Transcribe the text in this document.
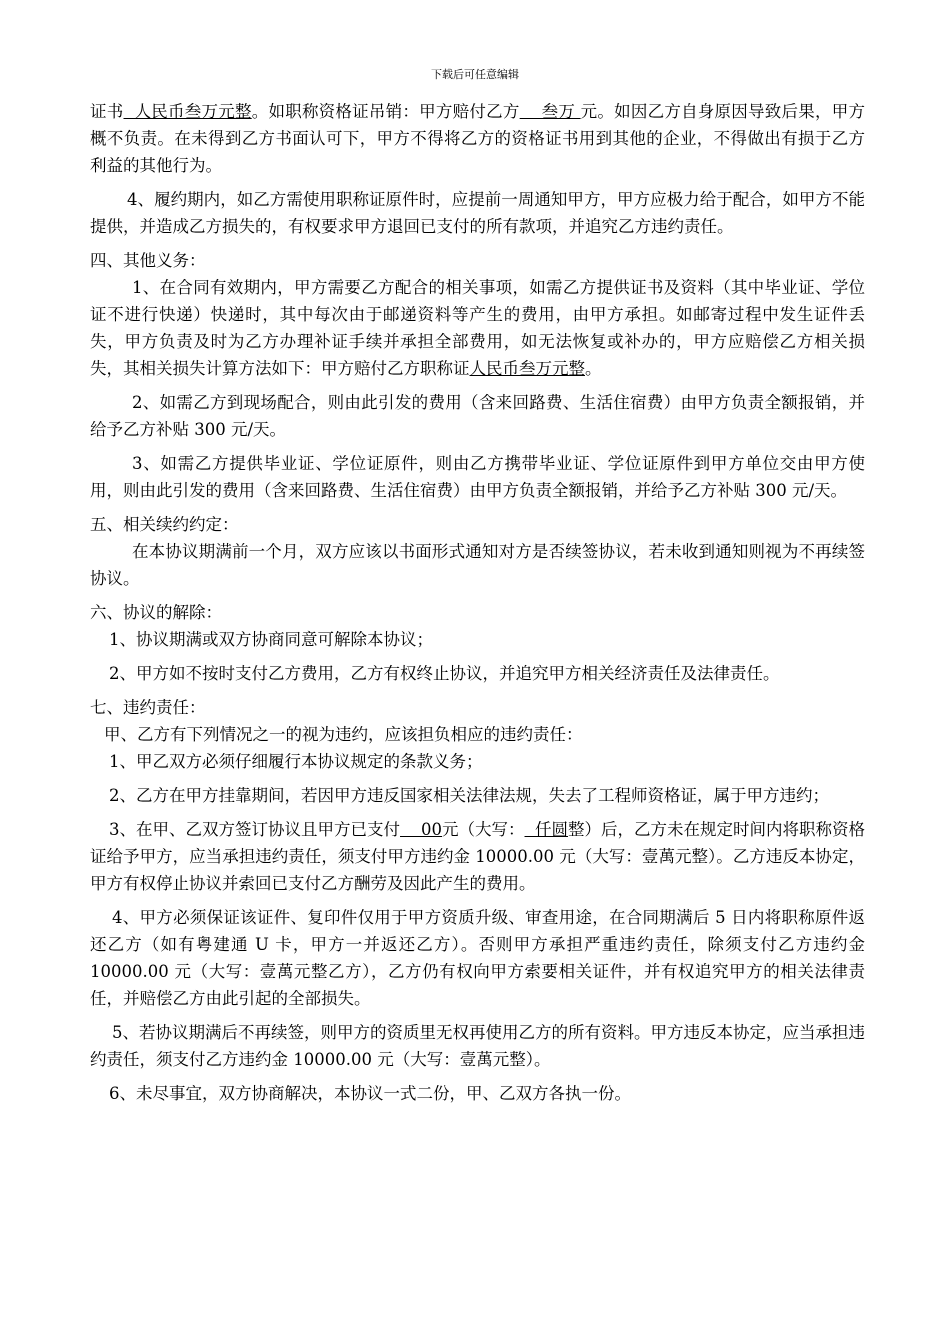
下载后可任意编辑

证书  人民币叁万元整。如职称资格证吊销：甲方赔付乙方    叁万 元。如因乙方自身原因导致后果，甲方概不负责。在未得到乙方书面认可下，甲方不得将乙方的资格证书用到其他的企业，不得做出有损于乙方利益的其他行为。

4、履约期内，如乙方需使用职称证原件时，应提前一周通知甲方，甲方应极力给于配合，如甲方不能提供，并造成乙方损失的，有权要求甲方退回已支付的所有款项，并追究乙方违约责任。

四、其他义务：

1、在合同有效期内，甲方需要乙方配合的相关事项，如需乙方提供证书及资料（其中毕业证、学位证不进行快递）快递时，其中每次由于邮递资料等产生的费用，由甲方承担。如邮寄过程中发生证件丢失，甲方负责及时为乙方办理补证手续并承担全部费用，如无法恢复或补办的，甲方应赔偿乙方相关损失，其相关损失计算方法如下：甲方赔付乙方职称证人民币叁万元整。

2、如需乙方到现场配合，则由此引发的费用（含来回路费、生活住宿费）由甲方负责全额报销，并给予乙方补贴 300 元/天。

3、如需乙方提供毕业证、学位证原件，则由乙方携带毕业证、学位证原件到甲方单位交由甲方使用，则由此引发的费用（含来回路费、生活住宿费）由甲方负责全额报销，并给予乙方补贴 300 元/天。

五、相关续约约定：

在本协议期满前一个月，双方应该以书面形式通知对方是否续签协议，若未收到通知则视为不再续签协议。

六、协议的解除：

1、协议期满或双方协商同意可解除本协议；

2、甲方如不按时支付乙方费用，乙方有权终止协议，并追究甲方相关经济责任及法律责任。

七、违约责任：

甲、乙方有下列情况之一的视为违约，应该担负相应的违约责任：

1、甲乙双方必须仔细履行本协议规定的条款义务；

2、乙方在甲方挂靠期间，若因甲方违反国家相关法律法规，失去了工程师资格证，属于甲方违约；

3、在甲、乙双方签订协议且甲方已支付    00元（大写：  仟圆整）后，乙方未在规定时间内将职称资格证给予甲方，应当承担违约责任，须支付甲方违约金 10000.00 元（大写：壹萬元整）。乙方违反本协定，甲方有权停止协议并索回已支付乙方酬劳及因此产生的费用。

4、甲方必须保证该证件、复印件仅用于甲方资质升级、审查用途，在合同期满后 5 日内将职称原件返还乙方（如有粤建通 U 卡，甲方一并返还乙方）。否则甲方承担严重违约责任，除须支付乙方违约金 10000.00 元（大写：壹萬元整乙方），乙方仍有权向甲方索要相关证件，并有权追究甲方的相关法律责任，并赔偿乙方由此引起的全部损失。

5、若协议期满后不再续签，则甲方的资质里无权再使用乙方的所有资料。甲方违反本协定，应当承担违约责任，须支付乙方违约金 10000.00 元（大写：壹萬元整）。

6、未尽事宜，双方协商解决，本协议一式二份，甲、乙双方各执一份。
